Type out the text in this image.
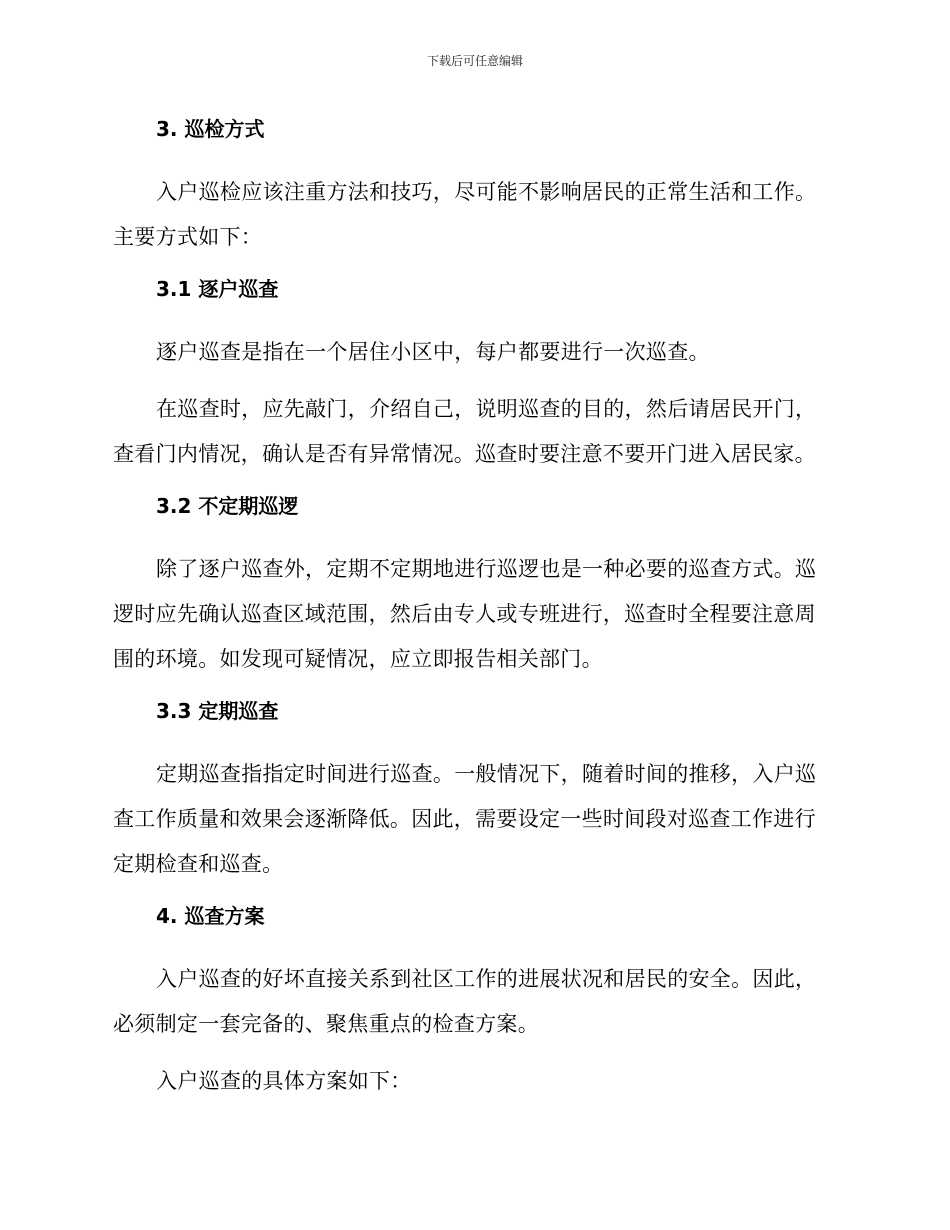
下载后可任意编辑
3. 巡检方式

入户巡检应该注重方法和技巧，尽可能不影响居民的正常生活和工作。主要方式如下：

3.1 逐户巡查

逐户巡查是指在一个居住小区中，每户都要进行一次巡查。

在巡查时，应先敲门，介绍自己，说明巡查的目的，然后请居民开门，查看门内情况，确认是否有异常情况。巡查时要注意不要开门进入居民家。

3.2 不定期巡逻

除了逐户巡查外，定期不定期地进行巡逻也是一种必要的巡查方式。巡逻时应先确认巡查区域范围，然后由专人或专班进行，巡查时全程要注意周围的环境。如发现可疑情况，应立即报告相关部门。

3.3 定期巡查

定期巡查指指定时间进行巡查。一般情况下，随着时间的推移，入户巡查工作质量和效果会逐渐降低。因此，需要设定一些时间段对巡查工作进行定期检查和巡查。

4. 巡查方案

入户巡查的好坏直接关系到社区工作的进展状况和居民的安全。因此，必须制定一套完备的、聚焦重点的检查方案。

入户巡查的具体方案如下：
